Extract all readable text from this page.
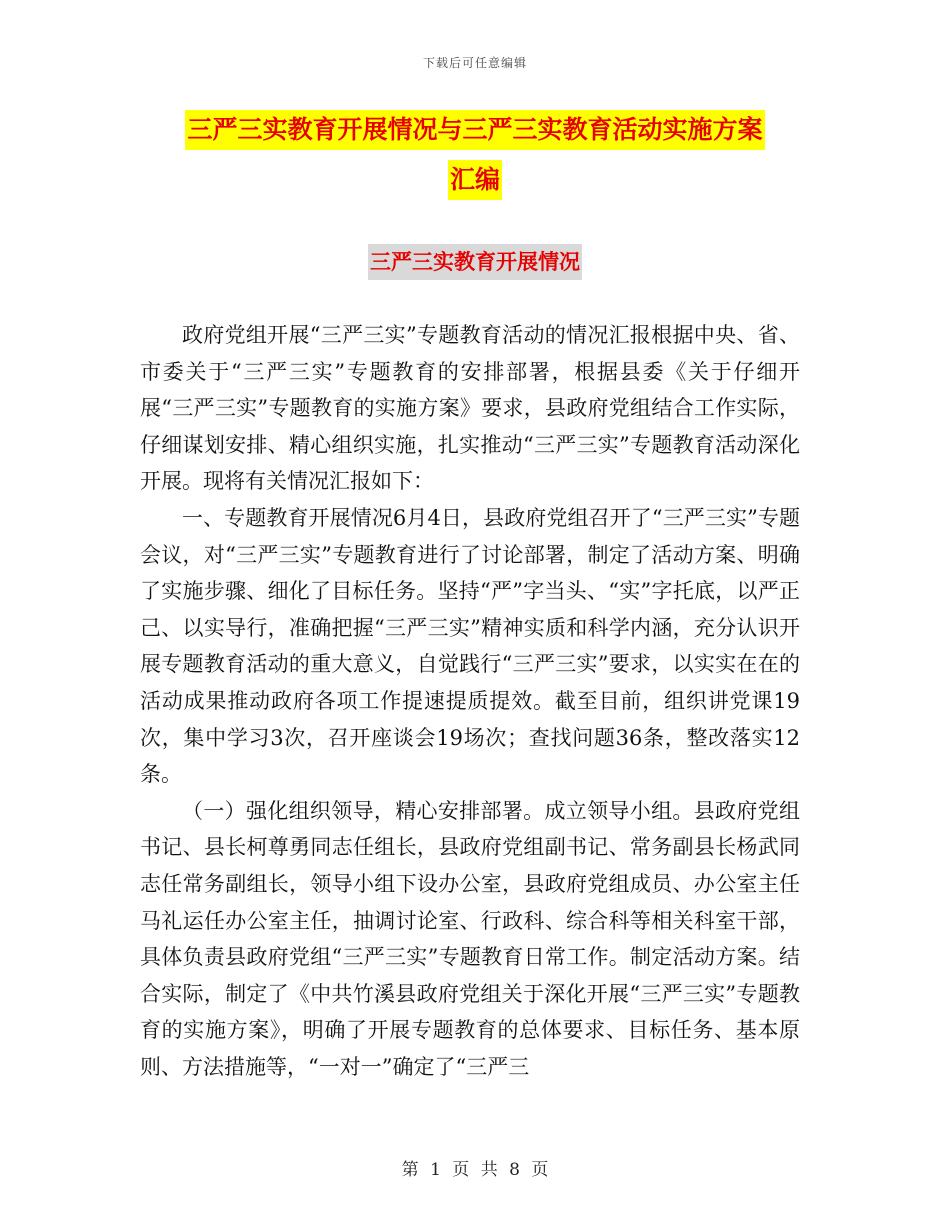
下载后可任意编辑
三严三实教育开展情况与三严三实教育活动实施方案
汇编
三严三实教育开展情况

政府党组开展“三严三实”专题教育活动的情况汇报根据中央、省、市委关于“三严三实”专题教育的安排部署，根据县委《关于仔细开展“三严三实”专题教育的实施方案》要求，县政府党组结合工作实际，仔细谋划安排、精心组织实施，扎实推动“三严三实”专题教育活动深化开展。现将有关情况汇报如下：

一、专题教育开展情况6月4日，县政府党组召开了“三严三实”专题会议，对“三严三实”专题教育进行了讨论部署，制定了活动方案、明确了实施步骤、细化了目标任务。坚持“严”字当头、“实”字托底，以严正己、以实导行，准确把握“三严三实”精神实质和科学内涵，充分认识开展专题教育活动的重大意义，自觉践行“三严三实”要求，以实实在在的活动成果推动政府各项工作提速提质提效。截至目前，组织讲党课19次，集中学习3次，召开座谈会19场次；查找问题36条，整改落实12条。

（一）强化组织领导，精心安排部署。成立领导小组。县政府党组书记、县长柯尊勇同志任组长，县政府党组副书记、常务副县长杨武同志任常务副组长，领导小组下设办公室，县政府党组成员、办公室主任马礼运任办公室主任，抽调讨论室、行政科、综合科等相关科室干部，具体负责县政府党组“三严三实”专题教育日常工作。制定活动方案。结合实际，制定了《中共竹溪县政府党组关于深化开展“三严三实”专题教育的实施方案》，明确了开展专题教育的总体要求、目标任务、基本原则、方法措施等，“一对一”确定了“三严三

第 1 页 共 8 页
